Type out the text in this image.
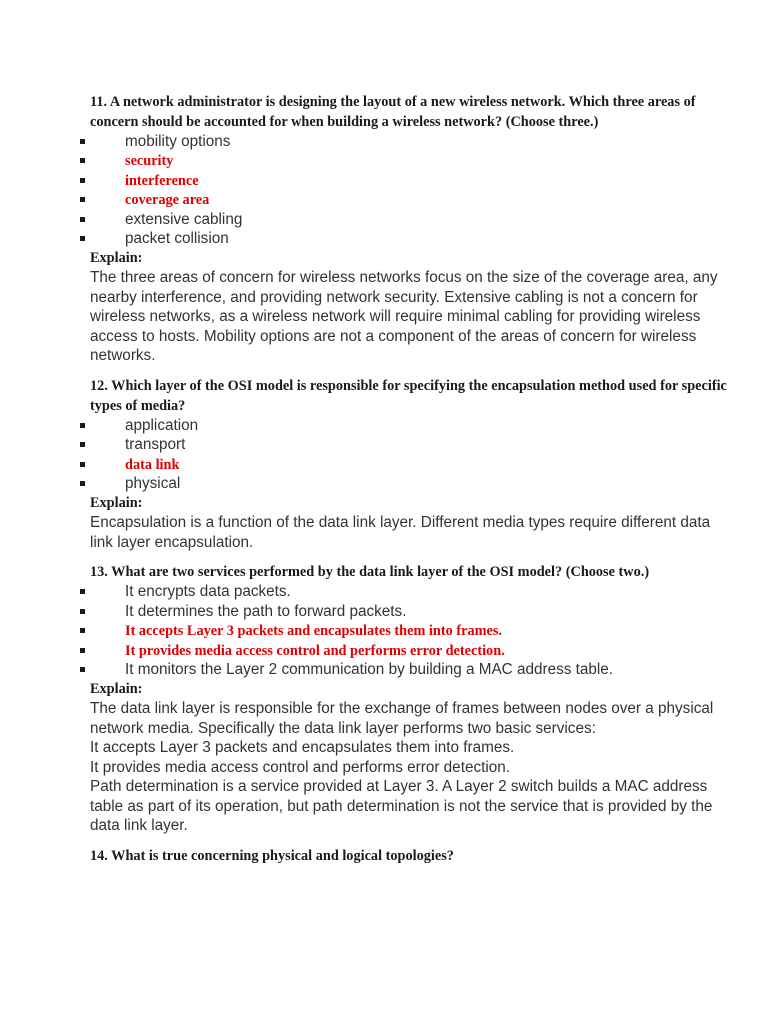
11. A network administrator is designing the layout of a new wireless network. Which three areas of concern should be accounted for when building a wireless network? (Choose three.)

mobility options
security
interference
coverage area
extensive cabling
packet collision

Explain:

The three areas of concern for wireless networks focus on the size of the coverage area, any nearby interference, and providing network security. Extensive cabling is not a concern for wireless networks, as a wireless network will require minimal cabling for providing wireless access to hosts. Mobility options are not a component of the areas of concern for wireless networks.

12. Which layer of the OSI model is responsible for specifying the encapsulation method used for specific types of media?

application
transport
data link
physical

Explain:

Encapsulation is a function of the data link layer. Different media types require different data link layer encapsulation.

13. What are two services performed by the data link layer of the OSI model? (Choose two.)

It encrypts data packets.
It determines the path to forward packets.
It accepts Layer 3 packets and encapsulates them into frames.
It provides media access control and performs error detection.
It monitors the Layer 2 communication by building a MAC address table.

Explain:

The data link layer is responsible for the exchange of frames between nodes over a physical network media. Specifically the data link layer performs two basic services:

It accepts Layer 3 packets and encapsulates them into frames.

It provides media access control and performs error detection.

Path determination is a service provided at Layer 3. A Layer 2 switch builds a MAC address table as part of its operation, but path determination is not the service that is provided by the data link layer.

14. What is true concerning physical and logical topologies?
